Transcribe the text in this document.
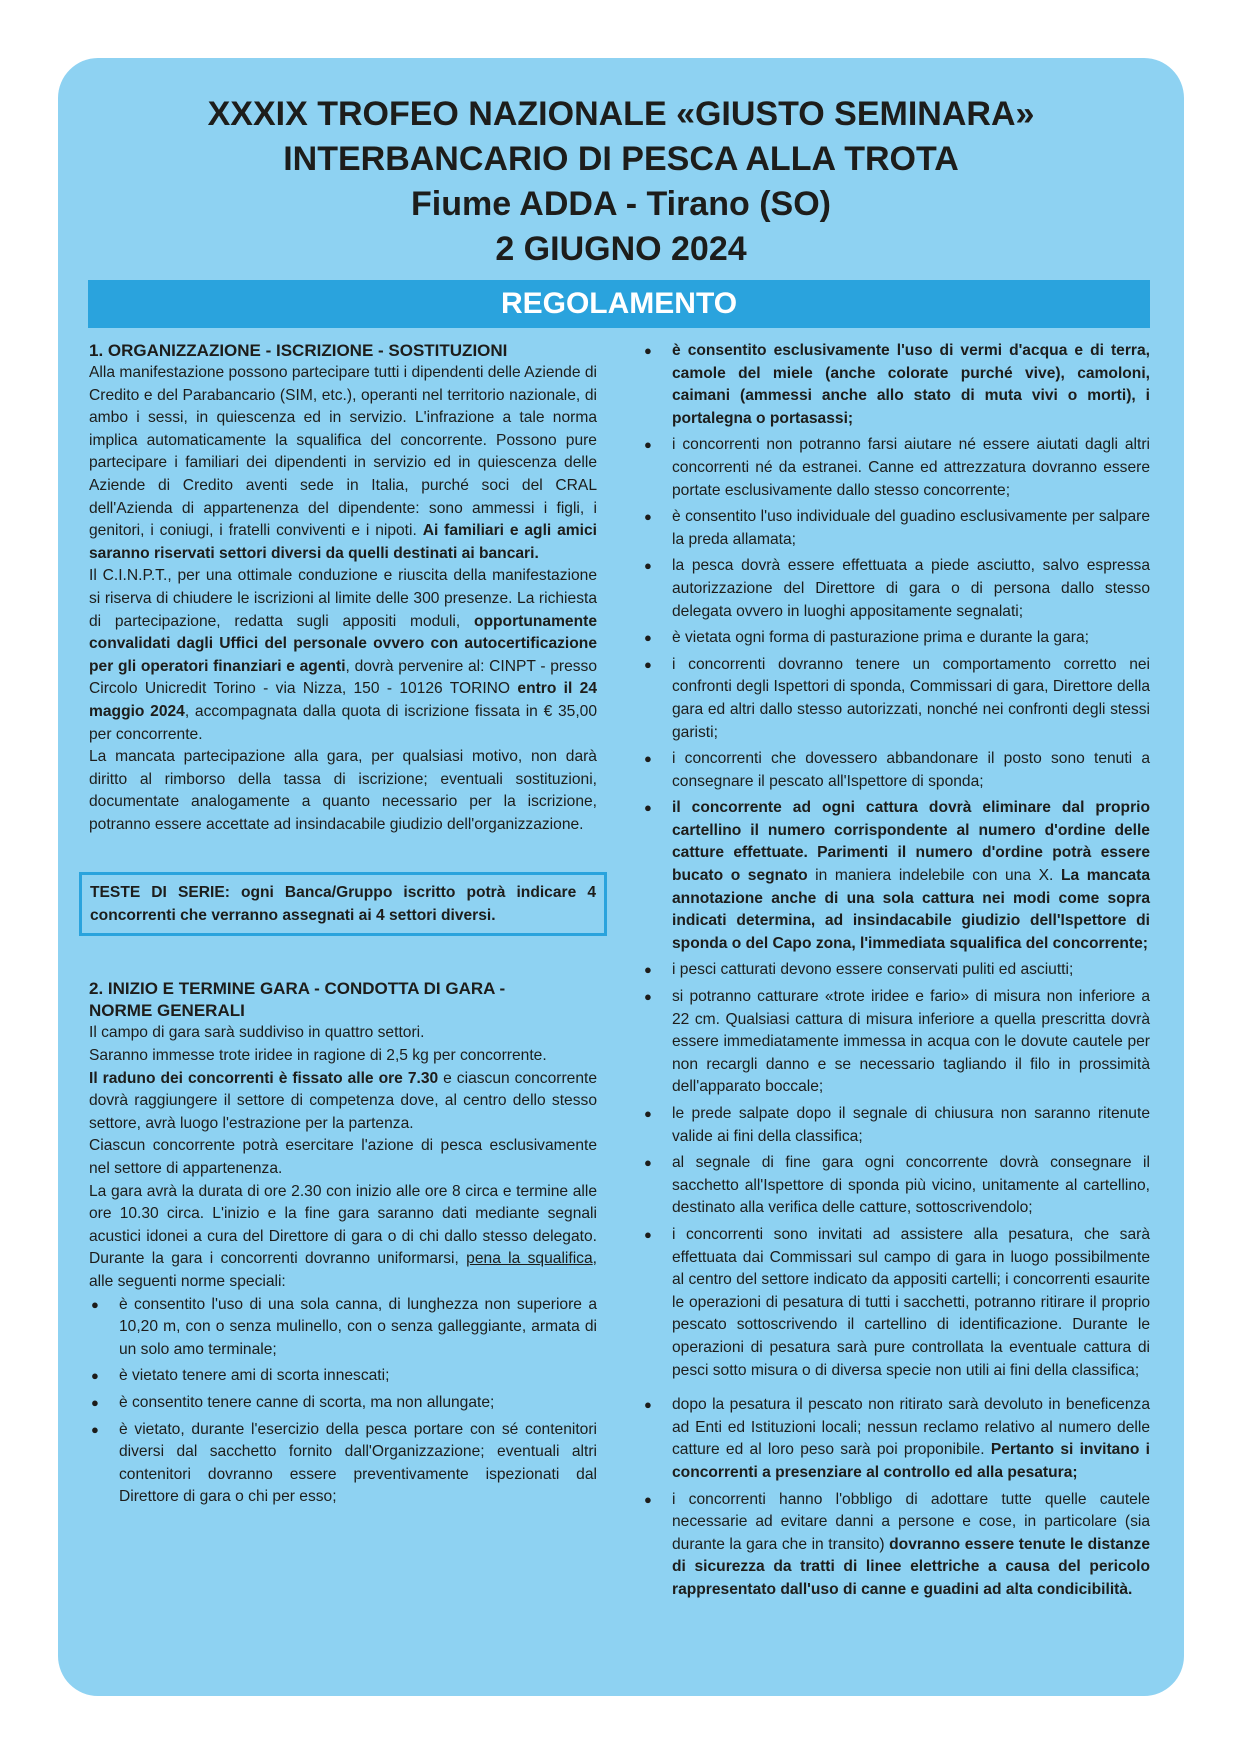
XXXIX TROFEO NAZIONALE «GIUSTO SEMINARA»

INTERBANCARIO DI PESCA ALLA TROTA

Fiume ADDA - Tirano (SO)

2 GIUGNO 2024

REGOLAMENTO

1. ORGANIZZAZIONE - ISCRIZIONE - SOSTITUZIONI

Alla manifestazione possono partecipare tutti i dipendenti delle Aziende di Credito e del Parabancario (SIM, etc.), operanti nel territorio nazionale, di ambo i sessi, in quiescenza ed in servizio. L'infrazione a tale norma implica automaticamente la squalifica del concorrente. Possono pure partecipare i familiari dei dipendenti in servizio ed in quiescenza delle Aziende di Credito aventi sede in Italia, purché soci del CRAL dell'Azienda di appartenenza del dipendente: sono ammessi i figli, i genitori, i coniugi, i fratelli conviventi e i nipoti. Ai familiari e agli amici saranno riservati settori diversi da quelli destinati ai bancari.

Il C.I.N.P.T., per una ottimale conduzione e riuscita della manifestazione si riserva di chiudere le iscrizioni al limite delle 300 presenze. La richiesta di partecipazione, redatta sugli appositi moduli, opportunamente convalidati dagli Uffici del personale ovvero con autocertificazione per gli operatori finanziari e agenti, dovrà pervenire al: CINPT - presso Circolo Unicredit Torino - via Nizza, 150 - 10126 TORINO entro il 24 maggio 2024, accompagnata dalla quota di iscrizione fissata in € 35,00 per concorrente.

La mancata partecipazione alla gara, per qualsiasi motivo, non darà diritto al rimborso della tassa di iscrizione; eventuali sostituzioni, documentate analogamente a quanto necessario per la iscrizione, potranno essere accettate ad insindacabile giudizio dell'organizzazione.

TESTE DI SERIE: ogni Banca/Gruppo iscritto potrà indicare 4 concorrenti che verranno assegnati ai 4 settori diversi.

2. INIZIO E TERMINE GARA - CONDOTTA DI GARA -

NORME GENERALI

Il campo di gara sarà suddiviso in quattro settori.

Saranno immesse trote iridee in ragione di 2,5 kg per concorrente.

Il raduno dei concorrenti è fissato alle ore 7.30 e ciascun concorrente dovrà raggiungere il settore di competenza dove, al centro dello stesso settore, avrà luogo l'estrazione per la partenza.

Ciascun concorrente potrà esercitare l'azione di pesca esclusivamente nel settore di appartenenza.

La gara avrà la durata di ore 2.30 con inizio alle ore 8 circa e termine alle ore 10.30 circa. L'inizio e la fine gara saranno dati mediante segnali acustici idonei a cura del Direttore di gara o di chi dallo stesso delegato. Durante la gara i concorrenti dovranno uniformarsi, pena la squalifica, alle seguenti norme speciali:

● è consentito l'uso di una sola canna, di lunghezza non superiore a 10,20 m, con o senza mulinello, con o senza galleggiante, armata di un solo amo terminale;
● è vietato tenere ami di scorta innescati;
● è consentito tenere canne di scorta, ma non allungate;
● è vietato, durante l'esercizio della pesca portare con sé contenitori diversi dal sacchetto fornito dall'Organizzazione; eventuali altri contenitori dovranno essere preventivamente ispezionati dal Direttore di gara o chi per esso;
● è consentito esclusivamente l'uso di vermi d'acqua e di terra, camole del miele (anche colorate purché vive), camoloni, caimani (ammessi anche allo stato di muta vivi o morti), i portalegna o portasassi;
● i concorrenti non potranno farsi aiutare né essere aiutati dagli altri concorrenti né da estranei. Canne ed attrezzatura dovranno essere portate esclusivamente dallo stesso concorrente;
● è consentito l'uso individuale del guadino esclusivamente per salpare la preda allamata;
● la pesca dovrà essere effettuata a piede asciutto, salvo espressa autorizzazione del Direttore di gara o di persona dallo stesso delegata ovvero in luoghi appositamente segnalati;
● è vietata ogni forma di pasturazione prima e durante la gara;
● i concorrenti dovranno tenere un comportamento corretto nei confronti degli Ispettori di sponda, Commissari di gara, Direttore della gara ed altri dallo stesso autorizzati, nonché nei confronti degli stessi garisti;
● i concorrenti che dovessero abbandonare il posto sono tenuti a consegnare il pescato all'Ispettore di sponda;
● il concorrente ad ogni cattura dovrà eliminare dal proprio cartellino il numero corrispondente al numero d'ordine delle catture effettuate. Parimenti il numero d'ordine potrà essere bucato o segnato in maniera indelebile con una X. La mancata annotazione anche di una sola cattura nei modi come sopra indicati determina, ad insindacabile giudizio dell'Ispettore di sponda o del Capo zona, l'immediata squalifica del concorrente;
● i pesci catturati devono essere conservati puliti ed asciutti;
● si potranno catturare «trote iridee e fario» di misura non inferiore a 22 cm. Qualsiasi cattura di misura inferiore a quella prescritta dovrà essere immediatamente immessa in acqua con le dovute cautele per non recargli danno e se necessario tagliando il filo in prossimità dell'apparato boccale;
● le prede salpate dopo il segnale di chiusura non saranno ritenute valide ai fini della classifica;
● al segnale di fine gara ogni concorrente dovrà consegnare il sacchetto all'Ispettore di sponda più vicino, unitamente al cartellino, destinato alla verifica delle catture, sottoscrivendolo;
● i concorrenti sono invitati ad assistere alla pesatura, che sarà effettuata dai Commissari sul campo di gara in luogo possibilmente al centro del settore indicato da appositi cartelli; i concorrenti esaurite le operazioni di pesatura di tutti i sacchetti, potranno ritirare il proprio pescato sottoscrivendo il cartellino di identificazione. Durante le operazioni di pesatura sarà pure controllata la eventuale cattura di pesci sotto misura o di diversa specie non utili ai fini della classifica;
● dopo la pesatura il pescato non ritirato sarà devoluto in beneficenza ad Enti ed Istituzioni locali; nessun reclamo relativo al numero delle catture ed al loro peso sarà poi proponibile. Pertanto si invitano i concorrenti a presenziare al controllo ed alla pesatura;
● i concorrenti hanno l'obbligo di adottare tutte quelle cautele necessarie ad evitare danni a persone e cose, in particolare (sia durante la gara che in transito) dovranno essere tenute le distanze di sicurezza da tratti di linee elettriche a causa del pericolo rappresentato dall'uso di canne e guadini ad alta condicibilità.
